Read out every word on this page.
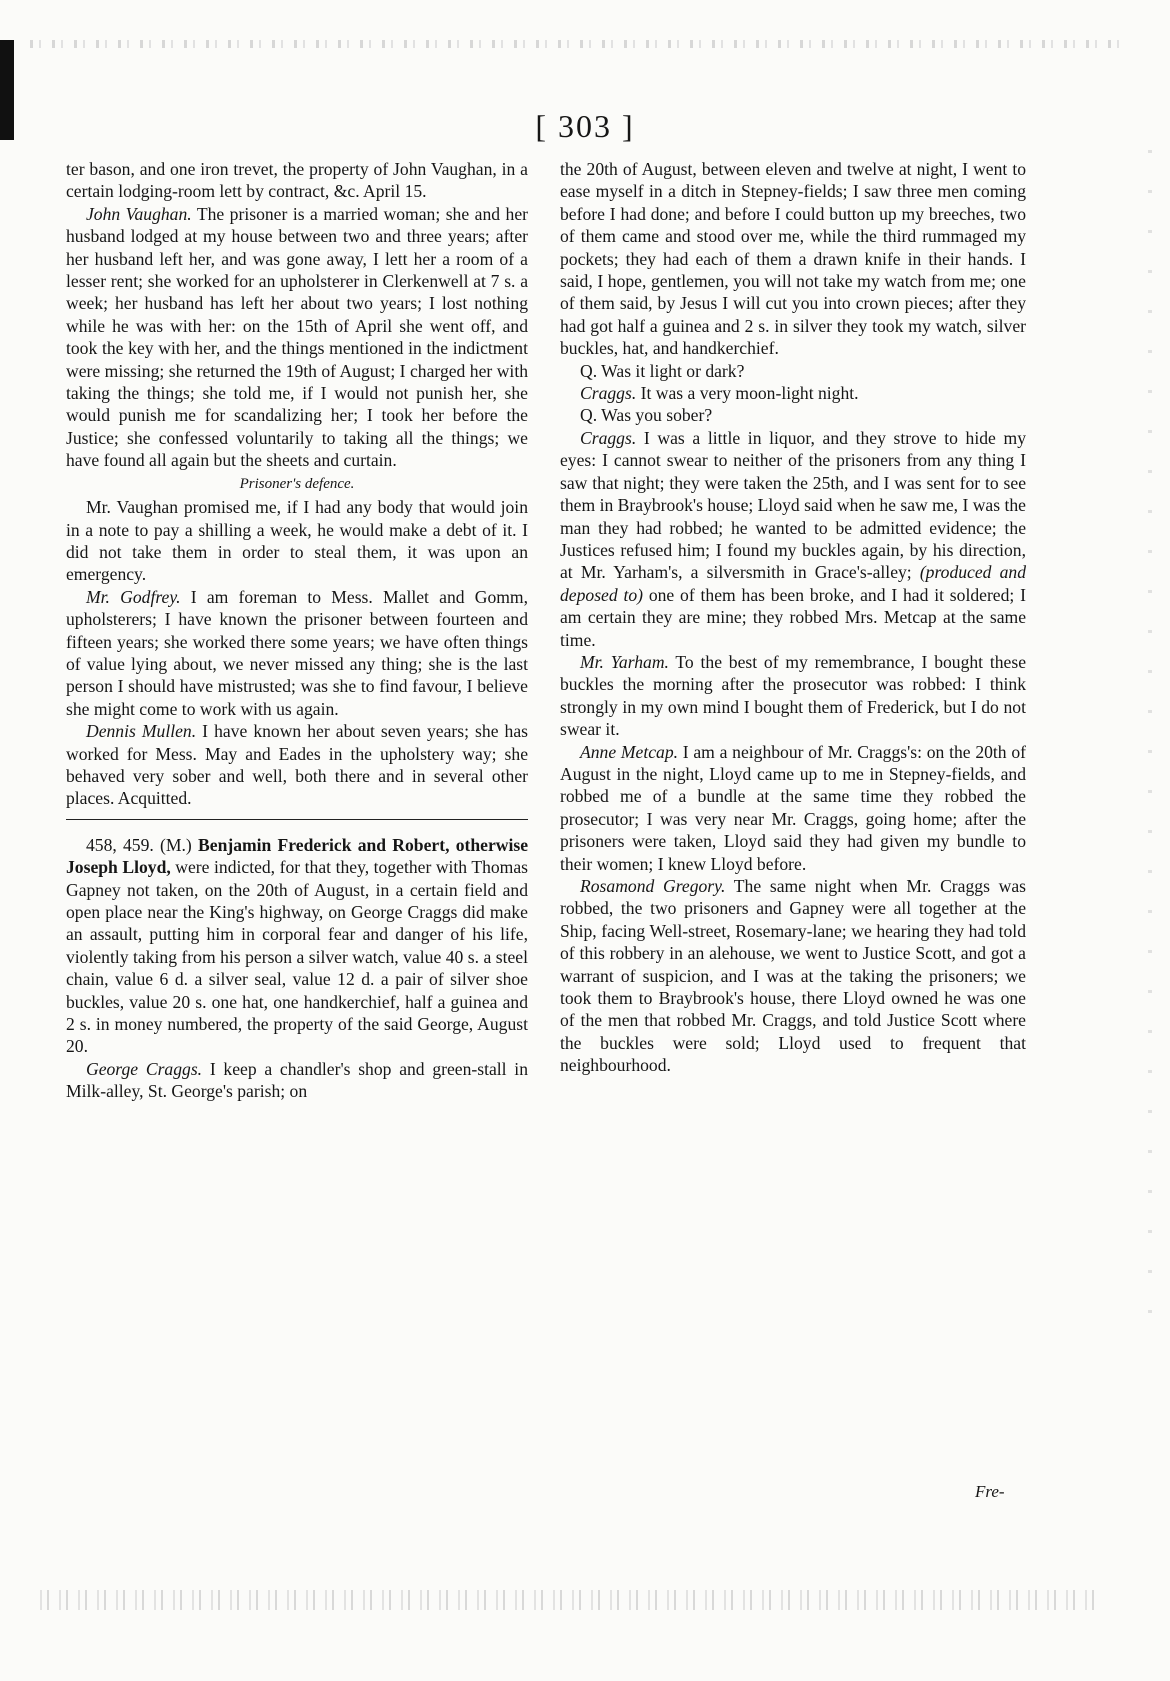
[ 303 ]

ter bason, and one iron trevet, the property of John Vaughan, in a certain lodging-room lett by contract, &c. April 15.

John Vaughan. The prisoner is a married woman; she and her husband lodged at my house between two and three years; after her husband left her, and was gone away, I lett her a room of a lesser rent; she worked for an upholsterer in Clerkenwell at 7 s. a week; her husband has left her about two years; I lost nothing while he was with her: on the 15th of April she went off, and took the key with her, and the things mentioned in the indictment were missing; she returned the 19th of August; I charged her with taking the things; she told me, if I would not punish her, she would punish me for scandalizing her; I took her before the Justice; she confessed voluntarily to taking all the things; we have found all again but the sheets and curtain.

Prisoner's defence.

Mr. Vaughan promised me, if I had any body that would join in a note to pay a shilling a week, he would make a debt of it. I did not take them in order to steal them, it was upon an emergency.

Mr. Godfrey. I am foreman to Mess. Mallet and Gomm, upholsterers; I have known the prisoner between fourteen and fifteen years; she worked there some years; we have often things of value lying about, we never missed any thing; she is the last person I should have mistrusted; was she to find favour, I believe she might come to work with us again.

Dennis Mullen. I have known her about seven years; she has worked for Mess. May and Eades in the upholstery way; she behaved very sober and well, both there and in several other places. Acquitted.

458, 459. (M.) Benjamin Frederick and Robert, otherwise Joseph Lloyd, were indicted, for that they, together with Thomas Gapney not taken, on the 20th of August, in a certain field and open place near the King's highway, on George Craggs did make an assault, putting him in corporal fear and danger of his life, violently taking from his person a silver watch, value 40 s. a steel chain, value 6 d. a silver seal, value 12 d. a pair of silver shoe buckles, value 20 s. one hat, one handkerchief, half a guinea and 2 s. in money numbered, the property of the said George, August 20.

George Craggs. I keep a chandler's shop and green-stall in Milk-alley, St. George's parish; on

the 20th of August, between eleven and twelve at night, I went to ease myself in a ditch in Stepney-fields; I saw three men coming before I had done; and before I could button up my breeches, two of them came and stood over me, while the third rummaged my pockets; they had each of them a drawn knife in their hands. I said, I hope, gentlemen, you will not take my watch from me; one of them said, by Jesus I will cut you into crown pieces; after they had got half a guinea and 2 s. in silver they took my watch, silver buckles, hat, and handkerchief.

Q. Was it light or dark?

Craggs. It was a very moon-light night.

Q. Was you sober?

Craggs. I was a little in liquor, and they strove to hide my eyes: I cannot swear to neither of the prisoners from any thing I saw that night; they were taken the 25th, and I was sent for to see them in Braybrook's house; Lloyd said when he saw me, I was the man they had robbed; he wanted to be admitted evidence; the Justices refused him; I found my buckles again, by his direction, at Mr. Yarham's, a silversmith in Grace's-alley; (produced and deposed to) one of them has been broke, and I had it soldered; I am certain they are mine; they robbed Mrs. Metcap at the same time.

Mr. Yarham. To the best of my remembrance, I bought these buckles the morning after the prosecutor was robbed: I think strongly in my own mind I bought them of Frederick, but I do not swear it.

Anne Metcap. I am a neighbour of Mr. Craggs's: on the 20th of August in the night, Lloyd came up to me in Stepney-fields, and robbed me of a bundle at the same time they robbed the prosecutor; I was very near Mr. Craggs, going home; after the prisoners were taken, Lloyd said they had given my bundle to their women; I knew Lloyd before.

Rosamond Gregory. The same night when Mr. Craggs was robbed, the two prisoners and Gapney were all together at the Ship, facing Well-street, Rosemary-lane; we hearing they had told of this robbery in an alehouse, we went to Justice Scott, and got a warrant of suspicion, and I was at the taking the prisoners; we took them to Braybrook's house, there Lloyd owned he was one of the men that robbed Mr. Craggs, and told Justice Scott where the buckles were sold; Lloyd used to frequent that neighbourhood.

Fre-
